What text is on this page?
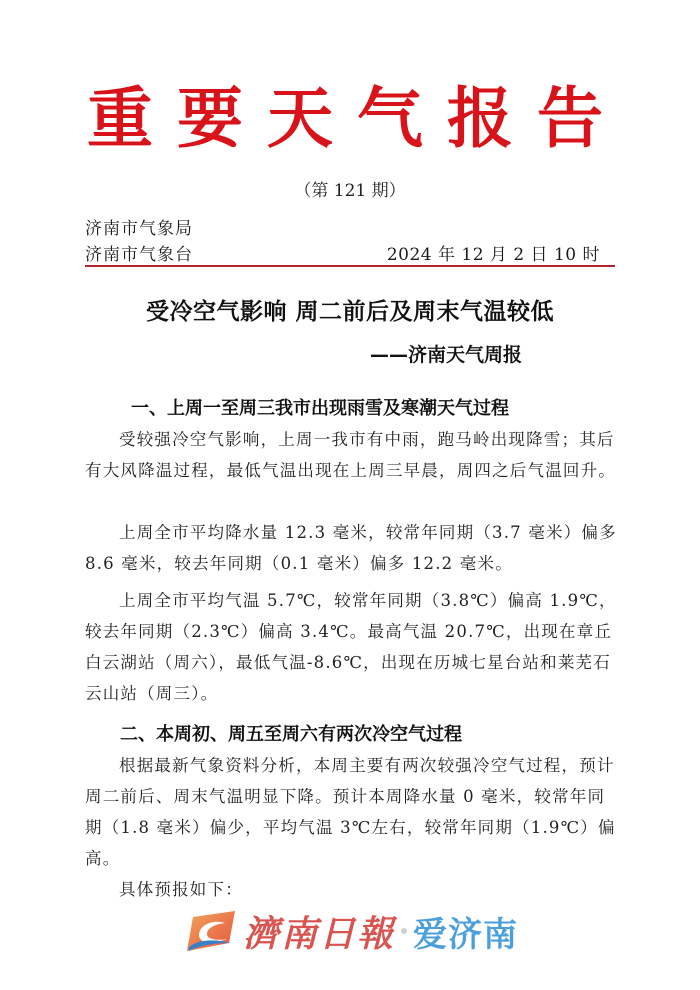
重要天气报告
（第 121 期）
济南市气象局
济南市气象台	2024 年 12 月 2 日 10 时
受冷空气影响 周二前后及周末气温较低
——济南天气周报
一、上周一至周三我市出现雨雪及寒潮天气过程
受较强冷空气影响，上周一我市有中雨，跑马岭出现降雪；其后有大风降温过程，最低气温出现在上周三早晨，周四之后气温回升。
上周全市平均降水量 12.3 毫米，较常年同期（3.7 毫米）偏多 8.6 毫米，较去年同期（0.1 毫米）偏多 12.2 毫米。
上周全市平均气温 5.7℃，较常年同期（3.8℃）偏高 1.9℃，较去年同期（2.3℃）偏高 3.4℃。最高气温 20.7℃，出现在章丘白云湖站（周六），最低气温-8.6℃，出现在历城七星台站和莱芜石云山站（周三）。
二、本周初、周五至周六有两次冷空气过程
根据最新气象资料分析，本周主要有两次较强冷空气过程，预计周二前后、周末气温明显下降。预计本周降水量 0 毫米，较常年同期（1.8 毫米）偏少，平均气温 3℃左右，较常年同期（1.9℃）偏高。
具体预报如下：
濟南日報 爱济南
